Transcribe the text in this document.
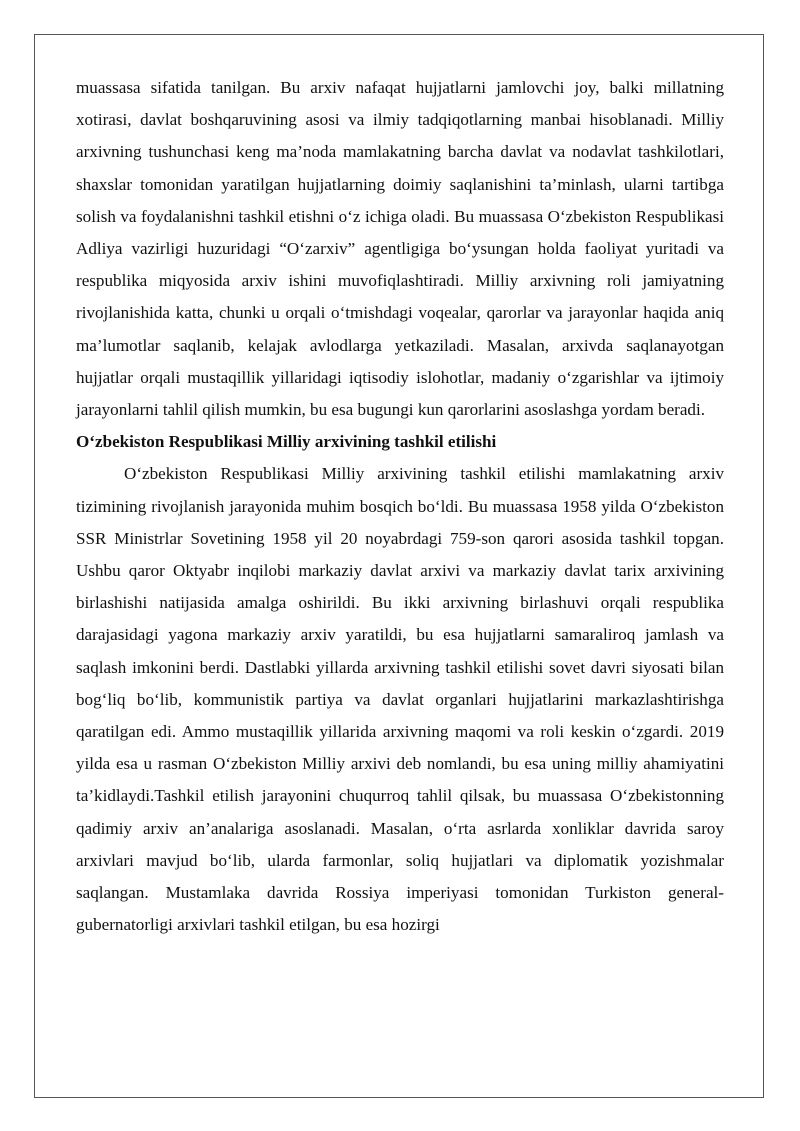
muassasa sifatida tanilgan. Bu arxiv nafaqat hujjatlarni jamlovchi joy, balki millatning xotirasi, davlat boshqaruvining asosi va ilmiy tadqiqotlarning manbai hisoblanadi. Milliy arxivning tushunchasi keng ma’noda mamlakatning barcha davlat va nodavlat tashkilotlari, shaxslar tomonidan yaratilgan hujjatlarning doimiy saqlanishini ta’minlash, ularni tartibga solish va foydalanishni tashkil etishni o‘z ichiga oladi. Bu muassasa O‘zbekiston Respublikasi Adliya vazirligi huzuridagi “O‘zarxiv” agentligiga bo‘ysungan holda faoliyat yuritadi va respublika miqyosida arxiv ishini muvofiqlashtiradi. Milliy arxivning roli jamiyatning rivojlanishida katta, chunki u orqali o‘tmishdagi voqealar, qarorlar va jarayonlar haqida aniq ma’lumotlar saqlanib, kelajak avlodlarga yetkaziladi. Masalan, arxivda saqlanayotgan hujjatlar orqali mustaqillik yillaridagi iqtisodiy islohotlar, madaniy o‘zgarishlar va ijtimoiy jarayonlarni tahlil qilish mumkin, bu esa bugungi kun qarorlarini asoslashga yordam beradi.

O‘zbekiston Respublikasi Milliy arxivining tashkil etilishi

O‘zbekiston Respublikasi Milliy arxivining tashkil etilishi mamlakatning arxiv tizimining rivojlanish jarayonida muhim bosqich bo‘ldi. Bu muassasa 1958 yilda O‘zbekiston SSR Ministrlar Sovetining 1958 yil 20 noyabrdagi 759-son qarori asosida tashkil topgan. Ushbu qaror Oktyabr inqilobi markaziy davlat arxivi va markaziy davlat tarix arxivining birlashishi natijasida amalga oshirildi. Bu ikki arxivning birlashuvi orqali respublika darajasidagi yagona markaziy arxiv yaratildi, bu esa hujjatlarni samaraliroq jamlash va saqlash imkonini berdi. Dastlabki yillarda arxivning tashkil etilishi sovet davri siyosati bilan bog‘liq bo‘lib, kommunistik partiya va davlat organlari hujjatlarini markazlashtirishga qaratilgan edi. Ammo mustaqillik yillarida arxivning maqomi va roli keskin o‘zgardi. 2019 yilda esa u rasman O‘zbekiston Milliy arxivi deb nomlandi, bu esa uning milliy ahamiyatini ta’kidlaydi.Tashkil etilish jarayonini chuqurroq tahlil qilsak, bu muassasa O‘zbekistonning qadimiy arxiv an’analariga asoslanadi. Masalan, o‘rta asrlarda xonliklar davrida saroy arxivlari mavjud bo‘lib, ularda farmonlar, soliq hujjatlari va diplomatik yozishmalar saqlangan. Mustamlaka davrida Rossiya imperiyasi tomonidan Turkiston general-gubernatorligi arxivlari tashkil etilgan, bu esa hozirgi
